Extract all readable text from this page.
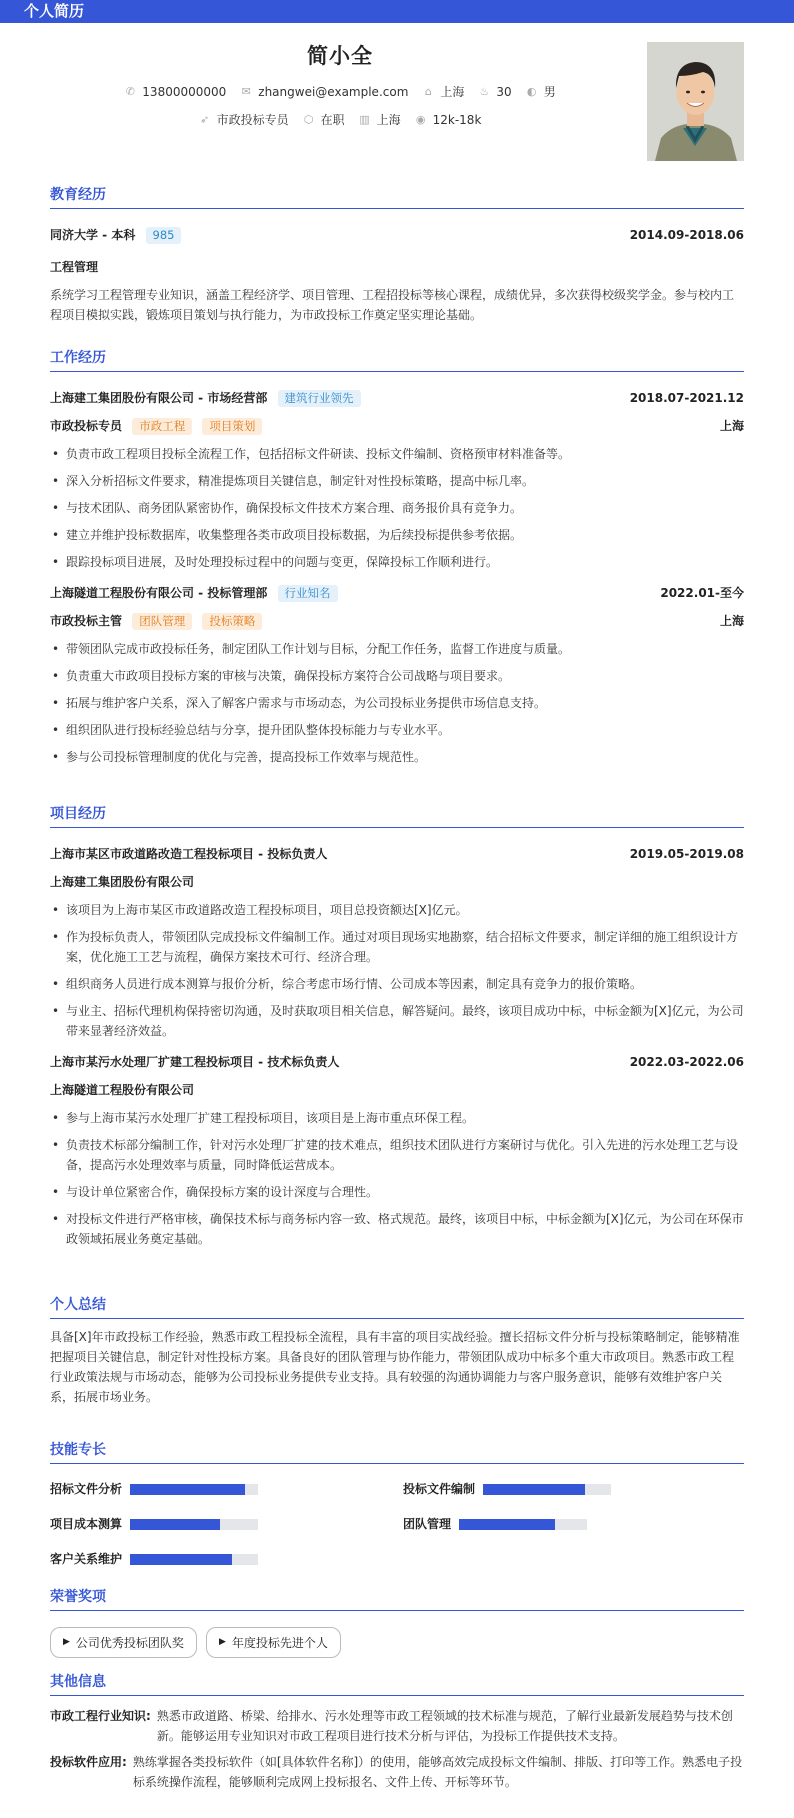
个人简历
简小全
✆ 13800000000 ✉ zhangwei@example.com ⌂ 上海 ♨ 30 ◐ 男
➶ 市政投标专员 ⬡ 在职 ▥ 上海 ◉ 12k-18k
教育经历
同济大学 - 本科 985	2014.09-2018.06
工程管理
系统学习工程管理专业知识，涵盖工程经济学、项目管理、工程招投标等核心课程，成绩优异，多次获得校级奖学金。参与校内工程项目模拟实践，锻炼项目策划与执行能力，为市政投标工作奠定坚实理论基础。
工作经历
上海建工集团股份有限公司 - 市场经营部 建筑行业领先	2018.07-2021.12
市政投标专员 市政工程 项目策划	上海
• 负责市政工程项目投标全流程工作，包括招标文件研读、投标文件编制、资格预审材料准备等。
• 深入分析招标文件要求，精准提炼项目关键信息，制定针对性投标策略，提高中标几率。
• 与技术团队、商务团队紧密协作，确保投标文件技术方案合理、商务报价具有竞争力。
• 建立并维护投标数据库，收集整理各类市政项目投标数据，为后续投标提供参考依据。
• 跟踪投标项目进展，及时处理投标过程中的问题与变更，保障投标工作顺利进行。
上海隧道工程股份有限公司 - 投标管理部 行业知名	2022.01-至今
市政投标主管 团队管理 投标策略	上海
• 带领团队完成市政投标任务，制定团队工作计划与目标，分配工作任务，监督工作进度与质量。
• 负责重大市政项目投标方案的审核与决策，确保投标方案符合公司战略与项目要求。
• 拓展与维护客户关系，深入了解客户需求与市场动态，为公司投标业务提供市场信息支持。
• 组织团队进行投标经验总结与分享，提升团队整体投标能力与专业水平。
• 参与公司投标管理制度的优化与完善，提高投标工作效率与规范性。
项目经历
上海市某区市政道路改造工程投标项目 - 投标负责人	2019.05-2019.08
上海建工集团股份有限公司
• 该项目为上海市某区市政道路改造工程投标项目，项目总投资额达[X]亿元。
• 作为投标负责人，带领团队完成投标文件编制工作。通过对项目现场实地勘察，结合招标文件要求，制定详细的施工组织设计方案，优化施工工艺与流程，确保方案技术可行、经济合理。
• 组织商务人员进行成本测算与报价分析，综合考虑市场行情、公司成本等因素，制定具有竞争力的报价策略。
• 与业主、招标代理机构保持密切沟通，及时获取项目相关信息，解答疑问。最终，该项目成功中标，中标金额为[X]亿元，为公司带来显著经济效益。
上海市某污水处理厂扩建工程投标项目 - 技术标负责人	2022.03-2022.06
上海隧道工程股份有限公司
• 参与上海市某污水处理厂扩建工程投标项目，该项目是上海市重点环保工程。
• 负责技术标部分编制工作，针对污水处理厂扩建的技术难点，组织技术团队进行方案研讨与优化。引入先进的污水处理工艺与设备，提高污水处理效率与质量，同时降低运营成本。
• 与设计单位紧密合作，确保投标方案的设计深度与合理性。
• 对投标文件进行严格审核，确保技术标与商务标内容一致、格式规范。最终，该项目中标，中标金额为[X]亿元，为公司在环保市政领域拓展业务奠定基础。
个人总结
具备[X]年市政投标工作经验，熟悉市政工程投标全流程，具有丰富的项目实战经验。擅长招标文件分析与投标策略制定，能够精准把握项目关键信息，制定针对性投标方案。具备良好的团队管理与协作能力，带领团队成功中标多个重大市政项目。熟悉市政工程行业政策法规与市场动态，能够为公司投标业务提供专业支持。具有较强的沟通协调能力与客户服务意识，能够有效维护客户关系，拓展市场业务。
技能专长
招标文件分析	投标文件编制
项目成本测算	团队管理
客户关系维护
荣誉奖项
▶ 公司优秀投标团队奖	▶ 年度投标先进个人
其他信息
市政工程行业知识: 熟悉市政道路、桥梁、给排水、污水处理等市政工程领域的技术标准与规范，了解行业最新发展趋势与技术创新。能够运用专业知识对市政工程项目进行技术分析与评估，为投标工作提供技术支持。
投标软件应用: 熟练掌握各类投标软件（如[具体软件名称]）的使用，能够高效完成投标文件编制、排版、打印等工作。熟悉电子投标系统操作流程，能够顺利完成网上投标报名、文件上传、开标等环节。
